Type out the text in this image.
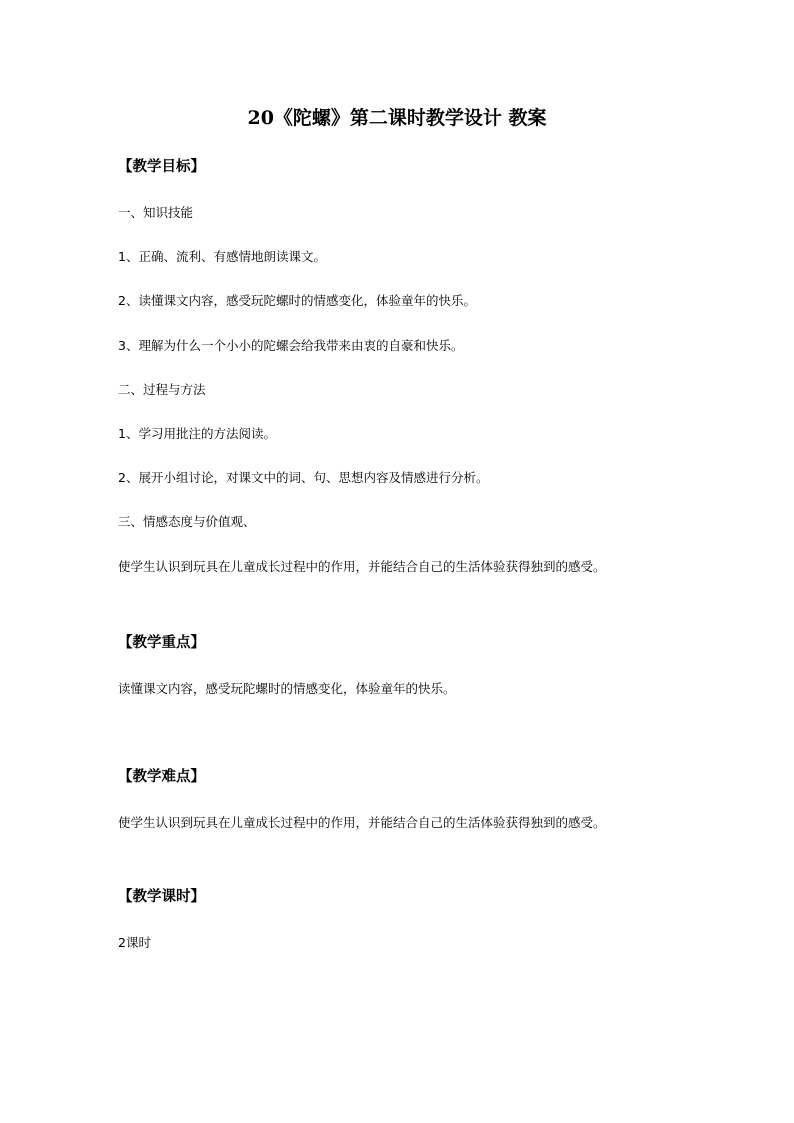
20《陀螺》第二课时教学设计 教案
【教学目标】
一、知识技能
1、正确、流利、有感情地朗读课文。
2、读懂课文内容，感受玩陀螺时的情感变化，体验童年的快乐。
3、理解为什么一个小小的陀螺会给我带来由衷的自豪和快乐。
二、过程与方法
1、学习用批注的方法阅读。
2、展开小组讨论，对课文中的词、句、思想内容及情感进行分析。
三、情感态度与价值观、
使学生认识到玩具在儿童成长过程中的作用，并能结合自己的生活体验获得独到的感受。
【教学重点】
读懂课文内容，感受玩陀螺时的情感变化，体验童年的快乐。
【教学难点】
使学生认识到玩具在儿童成长过程中的作用，并能结合自己的生活体验获得独到的感受。
【教学课时】
2课时
